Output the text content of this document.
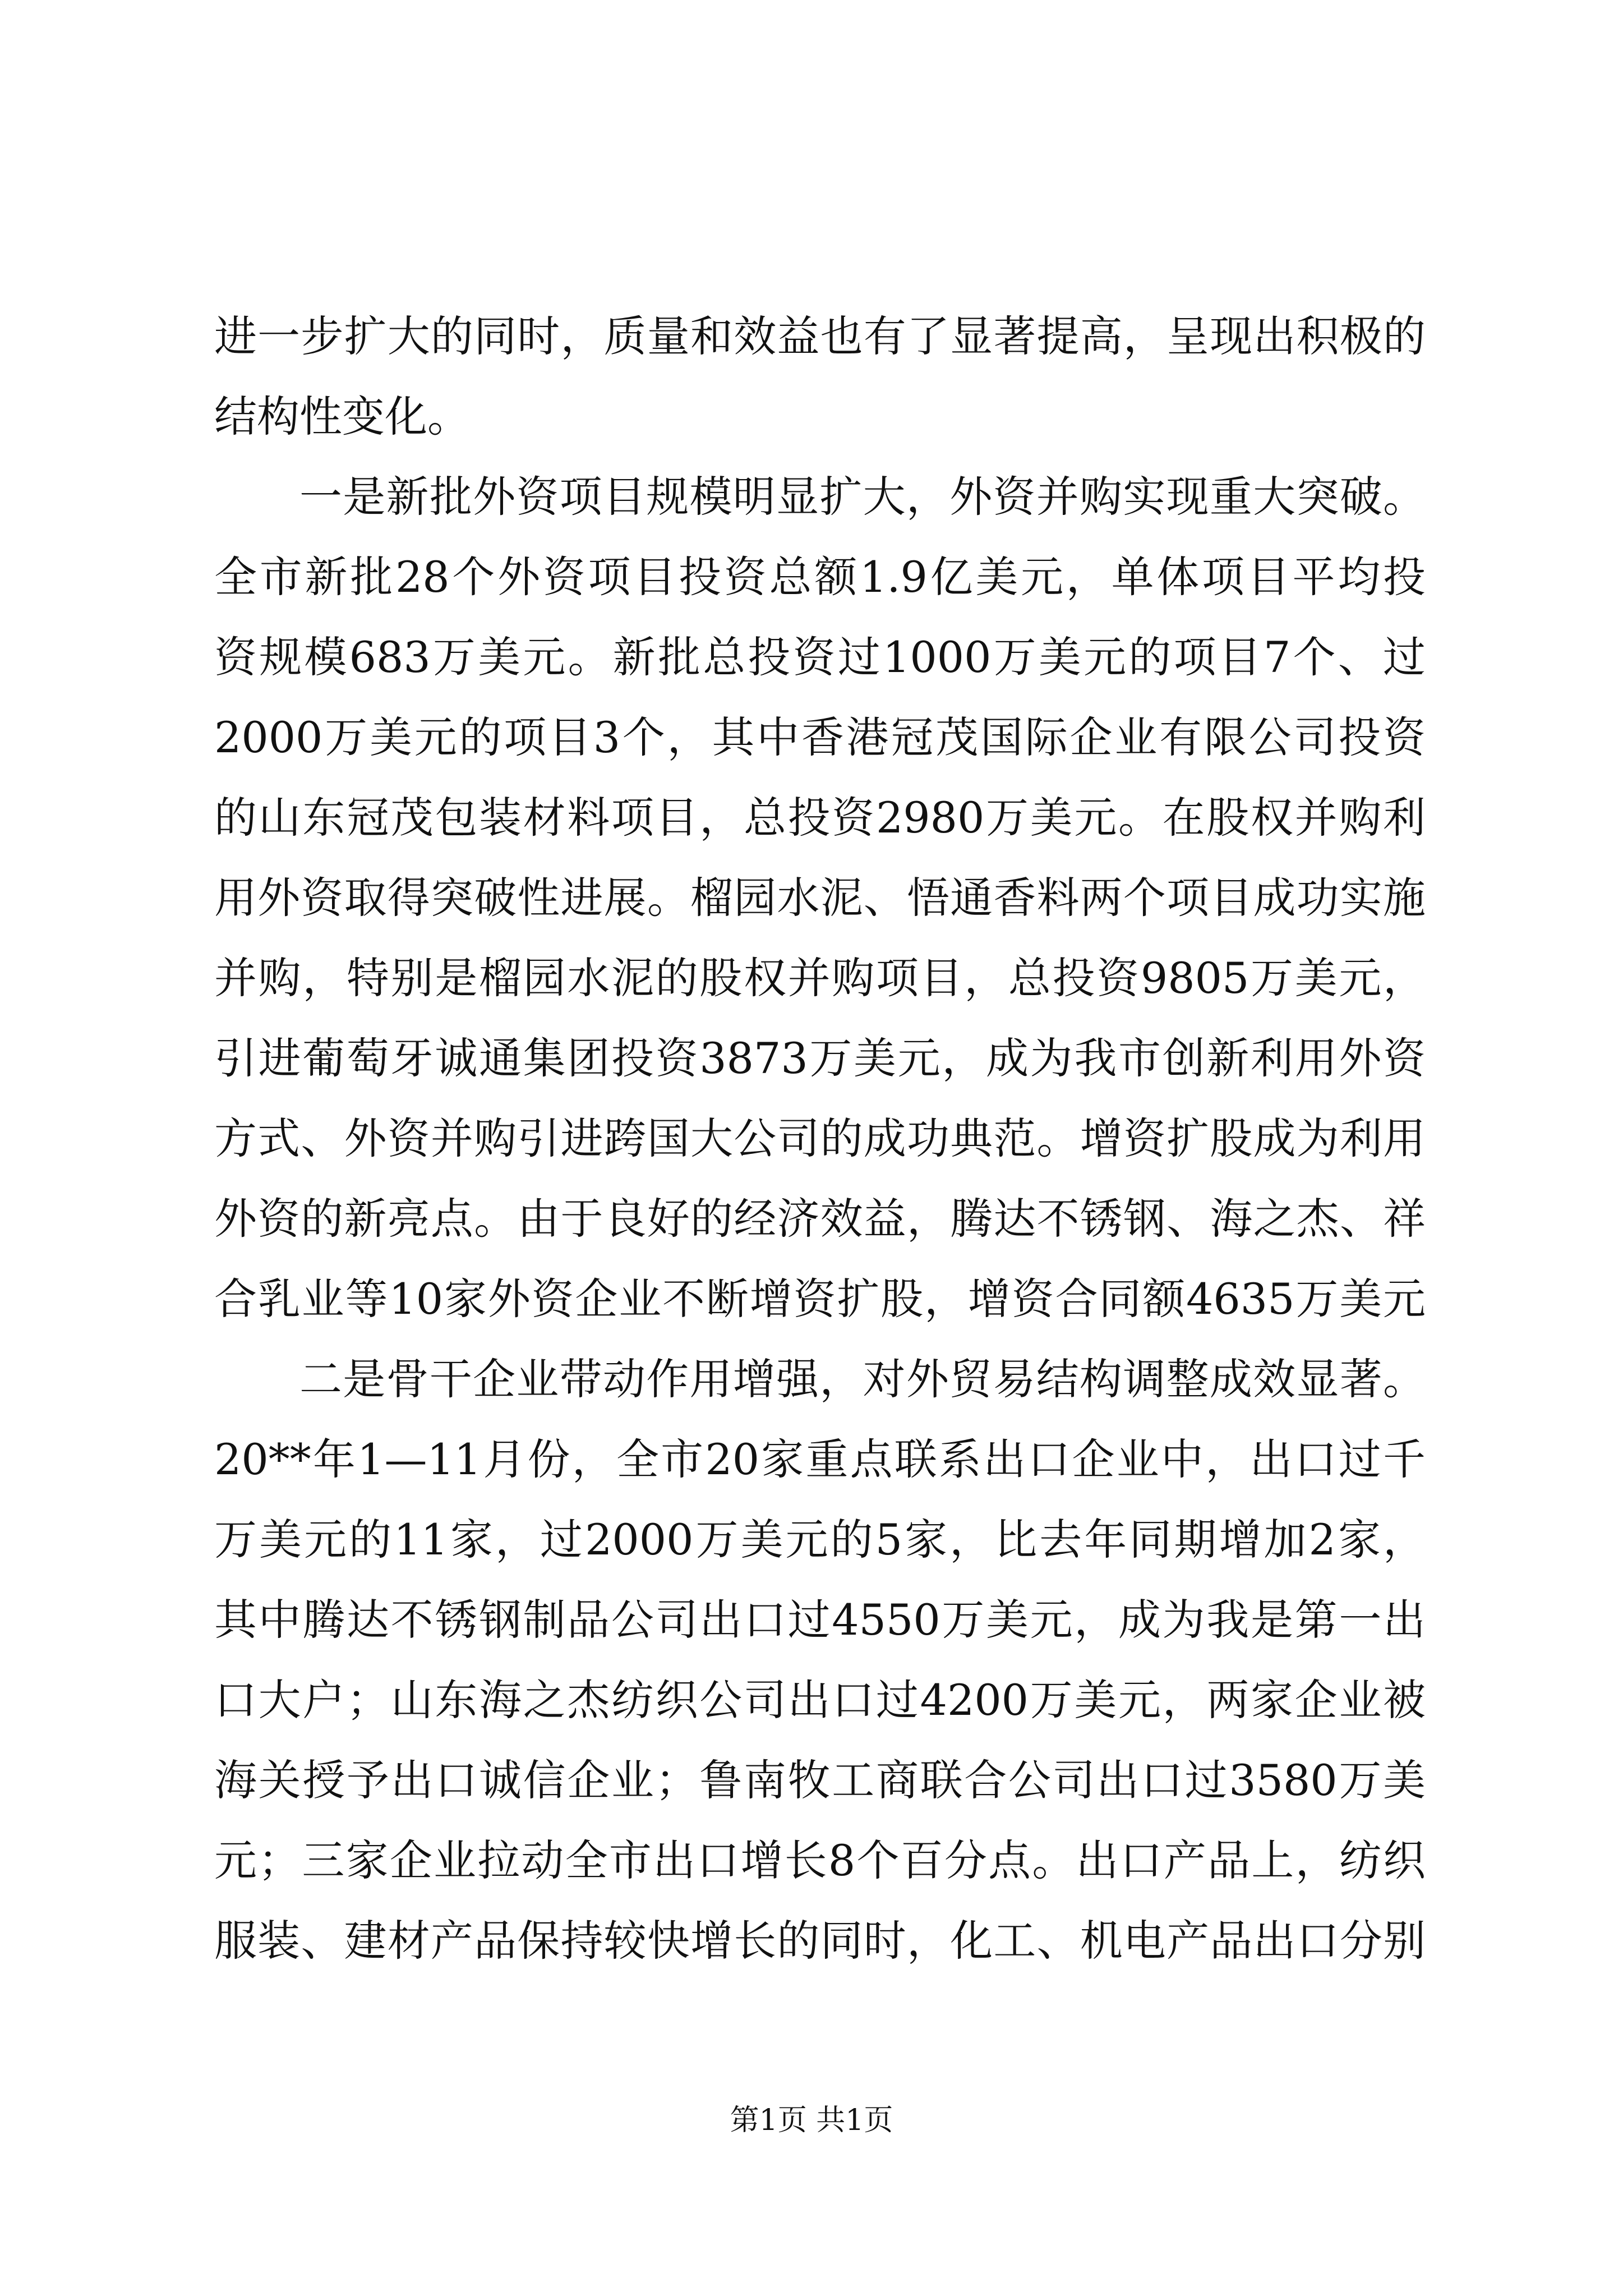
进一步扩大的同时，质量和效益也有了显著提高，呈现出积极的
结构性变化。
一是新批外资项目规模明显扩大，外资并购实现重大突破。
全市新批28个外资项目投资总额1.9亿美元，单体项目平均投
资规模683万美元。新批总投资过1000万美元的项目7个、过
2000万美元的项目3个，其中香港冠茂国际企业有限公司投资
的山东冠茂包装材料项目，总投资2980万美元。在股权并购利
用外资取得突破性进展。榴园水泥、悟通香料两个项目成功实施
并购，特别是榴园水泥的股权并购项目，总投资9805万美元，
引进葡萄牙诚通集团投资3873万美元，成为我市创新利用外资
方式、外资并购引进跨国大公司的成功典范。增资扩股成为利用
外资的新亮点。由于良好的经济效益，腾达不锈钢、海之杰、祥
合乳业等10家外资企业不断增资扩股，增资合同额4635万美元
二是骨干企业带动作用增强，对外贸易结构调整成效显著。
20**年1—11月份，全市20家重点联系出口企业中，出口过千
万美元的11家，过2000万美元的5家，比去年同期增加2家，
其中腾达不锈钢制品公司出口过4550万美元，成为我是第一出
口大户；山东海之杰纺织公司出口过4200万美元，两家企业被
海关授予出口诚信企业；鲁南牧工商联合公司出口过3580万美
元；三家企业拉动全市出口增长8个百分点。出口产品上，纺织
服装、建材产品保持较快增长的同时，化工、机电产品出口分别
第1页 共1页
